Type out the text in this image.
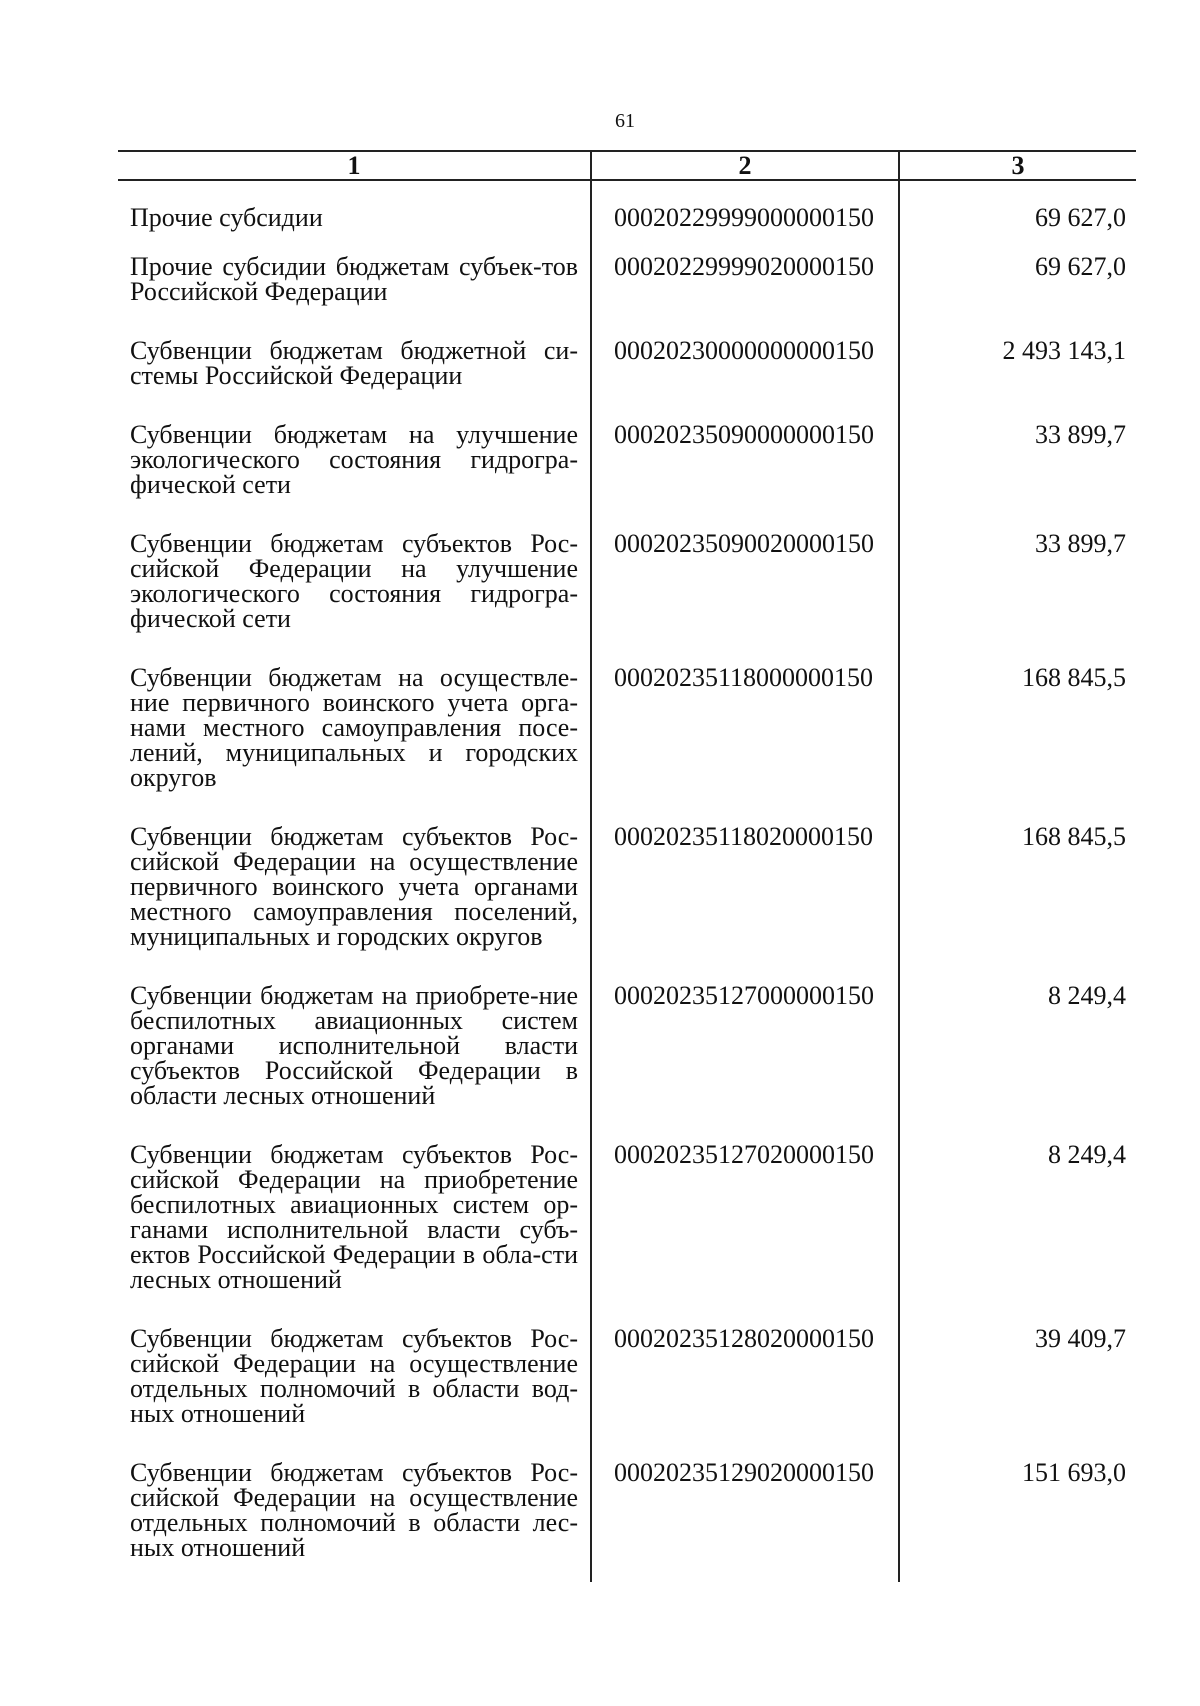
61
1	2	3

Прочие субсидии	00020229999000000150	69 627,0

Прочие субсидии бюджетам субъек-тов Российской Федерации	00020229999020000150	69 627,0

Субвенции бюджетам бюджетной си-стемы Российской Федерации	00020230000000000150	2 493 143,1

Субвенции бюджетам на улучшение экологического состояния гидрогра-фической сети	00020235090000000150	33 899,7

Субвенции бюджетам субъектов Рос-сийской Федерации на улучшение экологического состояния гидрогра-фической сети	00020235090020000150	33 899,7

Субвенции бюджетам на осуществле-ние первичного воинского учета орга-нами местного самоуправления посе-лений, муниципальных и городских округов	00020235118000000150	168 845,5

Субвенции бюджетам субъектов Рос-сийской Федерации на осуществление первичного воинского учета органами местного самоуправления поселений, муниципальных и городских округов	00020235118020000150	168 845,5

Субвенции бюджетам на приобрете-ние беспилотных авиационных систем органами исполнительной власти субъектов Российской Федерации в области лесных отношений	00020235127000000150	8 249,4

Субвенции бюджетам субъектов Рос-сийской Федерации на приобретение беспилотных авиационных систем ор-ганами исполнительной власти субъ-ектов Российской Федерации в обла-сти лесных отношений	00020235127020000150	8 249,4

Субвенции бюджетам субъектов Рос-сийской Федерации на осуществление отдельных полномочий в области вод-ных отношений	00020235128020000150	39 409,7

Субвенции бюджетам субъектов Рос-сийской Федерации на осуществление отдельных полномочий в области лес-ных отношений	00020235129020000150	151 693,0
